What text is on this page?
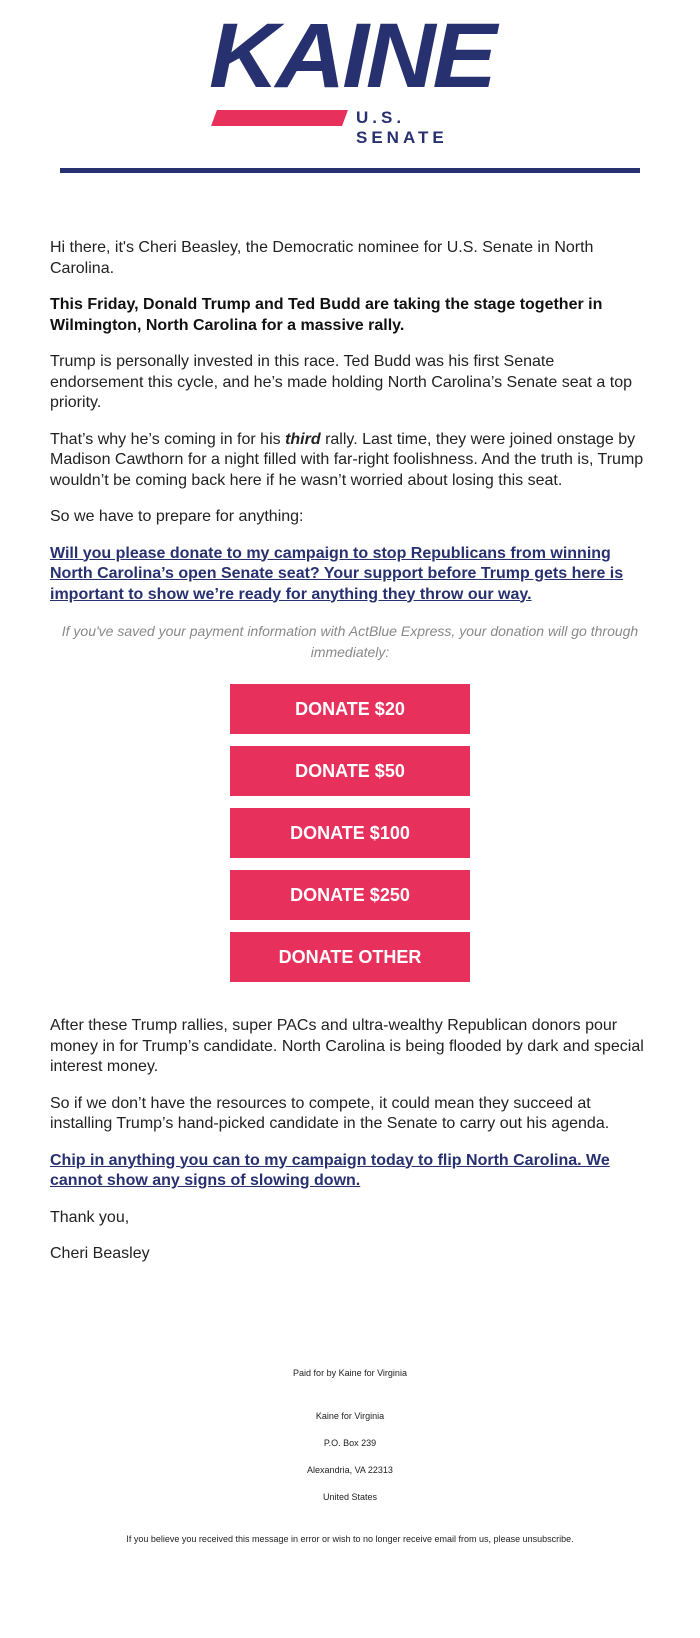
KAINE
U.S. SENATE

Hi there, it's Cheri Beasley, the Democratic nominee for U.S. Senate in North Carolina.

This Friday, Donald Trump and Ted Budd are taking the stage together in Wilmington, North Carolina for a massive rally.

Trump is personally invested in this race. Ted Budd was his first Senate endorsement this cycle, and he’s made holding North Carolina’s Senate seat a top priority.

That’s why he’s coming in for his third rally. Last time, they were joined onstage by Madison Cawthorn for a night filled with far-right foolishness. And the truth is, Trump wouldn’t be coming back here if he wasn’t worried about losing this seat.

So we have to prepare for anything:

Will you please donate to my campaign to stop Republicans from winning North Carolina’s open Senate seat? Your support before Trump gets here is important to show we’re ready for anything they throw our way.

If you've saved your payment information with ActBlue Express, your donation will go through immediately:

DONATE $20
DONATE $50
DONATE $100
DONATE $250
DONATE OTHER

After these Trump rallies, super PACs and ultra-wealthy Republican donors pour money in for Trump’s candidate. North Carolina is being flooded by dark and special interest money.

So if we don’t have the resources to compete, it could mean they succeed at installing Trump’s hand-picked candidate in the Senate to carry out his agenda.

Chip in anything you can to my campaign today to flip North Carolina. We cannot show any signs of slowing down.

Thank you,

Cheri Beasley

Paid for by Kaine for Virginia
Kaine for Virginia
P.O. Box 239
Alexandria, VA 22313
United States
If you believe you received this message in error or wish to no longer receive email from us, please unsubscribe.
